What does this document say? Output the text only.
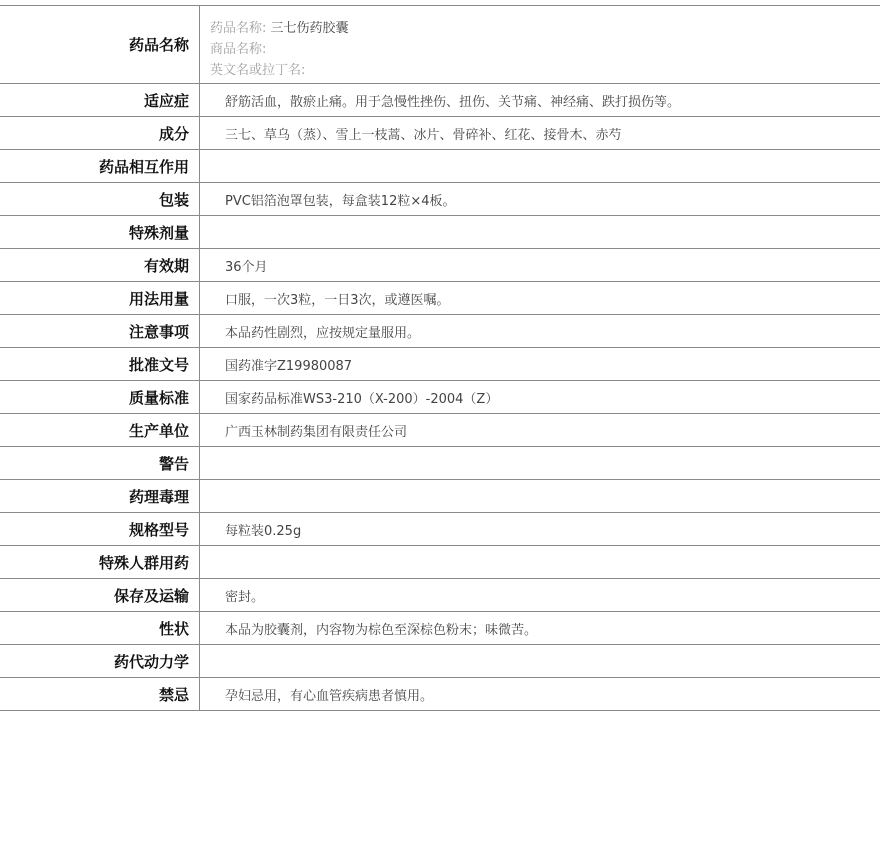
药品名称
药品名称: 三七伤药胶囊
商品名称:
英文名或拉丁名:
适应症	舒筋活血，散瘀止痛。用于急慢性挫伤、扭伤、关节痛、神经痛、跌打损伤等。
成分	三七、草乌（蒸）、雪上一枝蒿、冰片、骨碎补、红花、接骨木、赤芍
药品相互作用
包装	PVC铝箔泡罩包装，每盒装12粒×4板。
特殊剂量
有效期	36个月
用法用量	口服，一次3粒，一日3次，或遵医嘱。
注意事项	本品药性剧烈，应按规定量服用。
批准文号	国药准字Z19980087
质量标准	国家药品标准WS3-210（X-200）-2004（Z）
生产单位	广西玉林制药集团有限责任公司
警告
药理毒理
规格型号	每粒装0.25g
特殊人群用药
保存及运输	密封。
性状	本品为胶囊剂，内容物为棕色至深棕色粉末；味微苦。
药代动力学
禁忌	孕妇忌用，有心血管疾病患者慎用。
